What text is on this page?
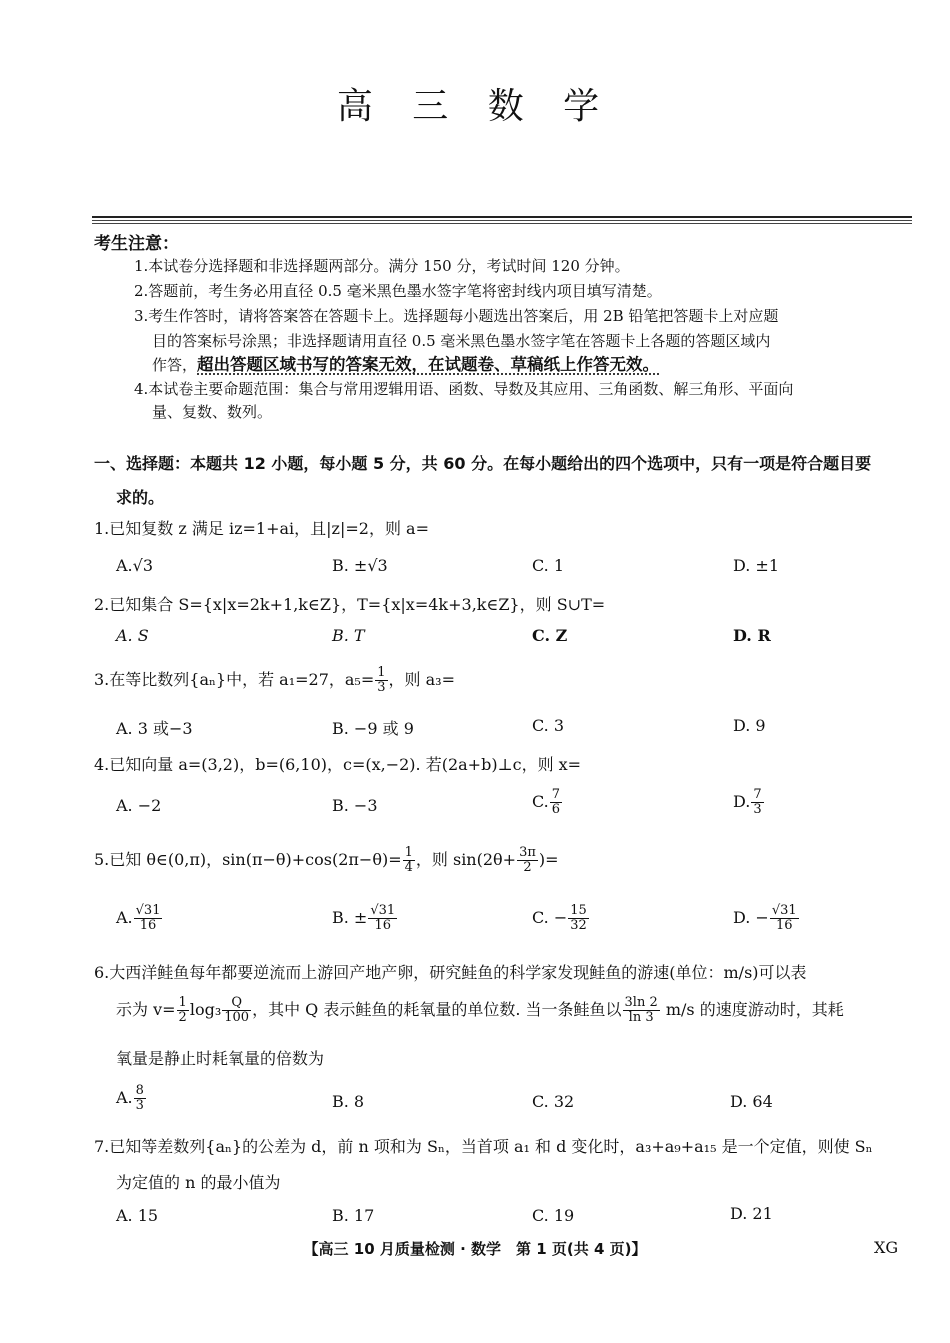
高 三 数 学
考生注意：
1.本试卷分选择题和非选择题两部分。满分 150 分，考试时间 120 分钟。
2.答题前，考生务必用直径 0.5 毫米黑色墨水签字笔将密封线内项目填写清楚。
3.考生作答时，请将答案答在答题卡上。选择题每小题选出答案后，用 2B 铅笔把答题卡上对应题
目的答案标号涂黑；非选择题请用直径 0.5 毫米黑色墨水签字笔在答题卡上各题的答题区域内
作答，超出答题区域书写的答案无效，在试题卷、草稿纸上作答无效。
4.本试卷主要命题范围：集合与常用逻辑用语、函数、导数及其应用、三角函数、解三角形、平面向
量、复数、数列。
一、选择题：本题共 12 小题，每小题 5 分，共 60 分。在每小题给出的四个选项中，只有一项是符合题目要
求的。
1.已知复数 z 满足 iz=1+ai，且|z|=2，则 a=
A.√3	B. ±√3	C. 1	D. ±1
2.已知集合 S={x|x=2k+1,k∈Z}，T={x|x=4k+3,k∈Z}，则 S∪T=
A. S	B. T	C. Z	D. R
3.在等比数列{aₙ}中，若 a₁=27，$a_5= \frac{1}{3}$ ，则 a₃=
A. 3 或−3	B. −9 或 9	C. 3	D. 9
4.已知向量 a=(3,2)，b=(6,10)，c=(x,−2). 若(2a+b)⊥c，则 x=
A. −2	B. −3	C. $\frac{7}{6}$	D. $\frac{7}{3}$
5.已知 θ∈(0,π)，$\sin(\pi-\theta)+\cos(2\pi-\theta)= \frac{1}{4}$ ，则 $\sin(2\theta+ \frac{3\pi}{2}$ )=
A. $\frac{√31}{16}$	B. ± $\frac{√31}{16}$	C. − $\frac{15}{32}$	D. − $\frac{√31}{16}$
6.大西洋鲑鱼每年都要逆流而上游回产地产卵，研究鲑鱼的科学家发现鲑鱼的游速(单位：m/s)可以表
示为 $v= \frac{1}{2} \log_3 \frac{Q}{100}$ ，其中 Q 表示鲑鱼的耗氧量的单位数. 当一条鲑鱼以 $\frac{3\ln 2}{\ln 3} m/s$ 的速度游动时，其耗
氧量是静止时耗氧量的倍数为
A. $\frac{8}{3}$	B. 8	C. 32	D. 64
7.已知等差数列{aₙ}的公差为 d，前 n 项和为 Sₙ，当首项 a₁ 和 d 变化时，a₃+a₉+a₁₅ 是一个定值，则使 Sₙ
为定值的 n 的最小值为
A. 15	B. 17	C. 19	D. 21
【高三 10 月质量检测 · 数学　第 1 页(共 4 页)】	XG
